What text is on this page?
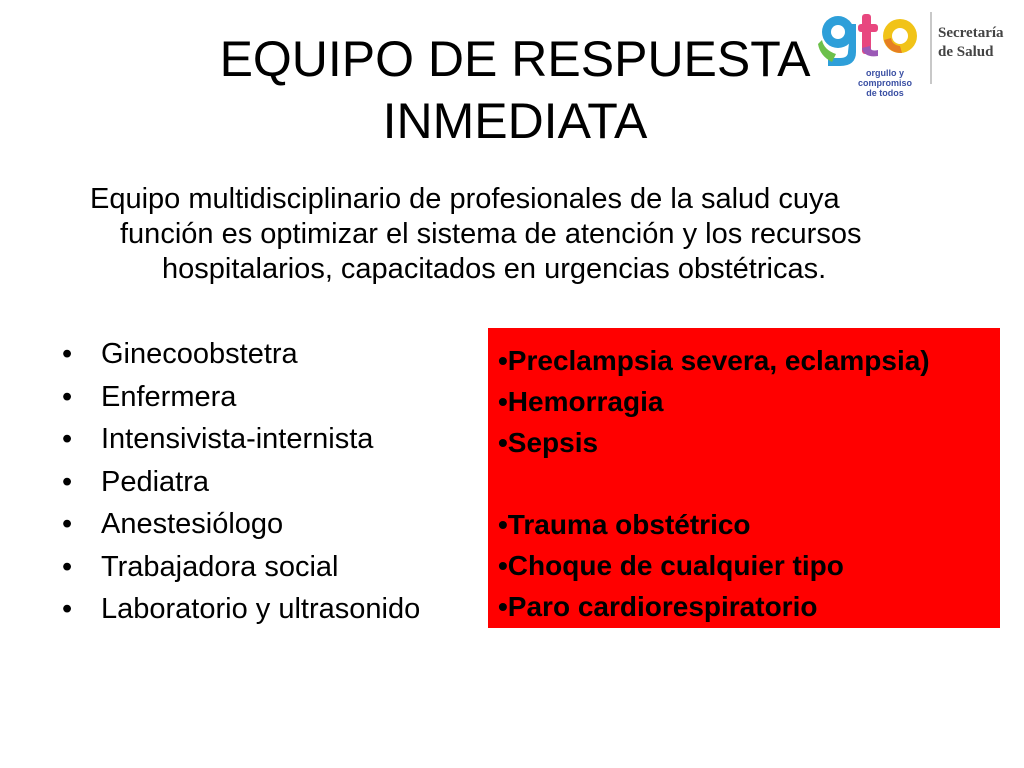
EQUIPO DE RESPUESTA
INMEDIATA
orgullo y
compromiso
de todos
Secretaría
de Salud

Equipo multidisciplinario de profesionales de la salud cuya
función es optimizar el sistema de atención y los recursos
hospitalarios, capacitados en urgencias obstétricas.

• Ginecoobstetra
• Enfermera
• Intensivista-internista
• Pediatra
• Anestesiólogo
• Trabajadora social
• Laboratorio y ultrasonido
•Preclampsia severa, eclampsia)
•Hemorragia
•Sepsis
•Trauma obstétrico
•Choque de cualquier tipo
•Paro cardiorespiratorio
